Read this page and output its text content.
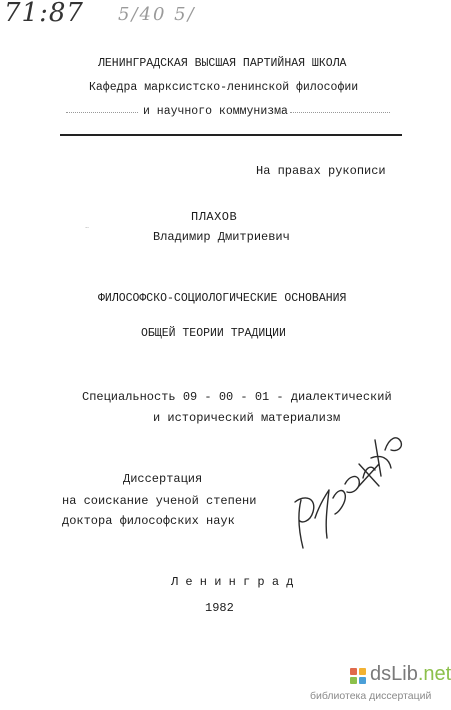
71:87 5/40 5/
ЛЕНИНГРАДСКАЯ ВЫСШАЯ ПАРТИЙНАЯ ШКОЛА
Кафедра марксистско-ленинской философии
и научного коммунизма
На правах рукописи
ПЛАХОВ
Владимир Дмитриевич
ФИЛОСОФСКО-СОЦИОЛОГИЧЕСКИЕ ОСНОВАНИЯ
ОБЩЕЙ ТЕОРИИ ТРАДИЦИИ
Специальность 09 - 00 - 01 - диалектический
и исторический материализм
Диссертация
на соискание ученой степени
доктора философских наук
Плахов
Л е н и н г р а д
1982
dsLib.net
библиотека диссертаций
